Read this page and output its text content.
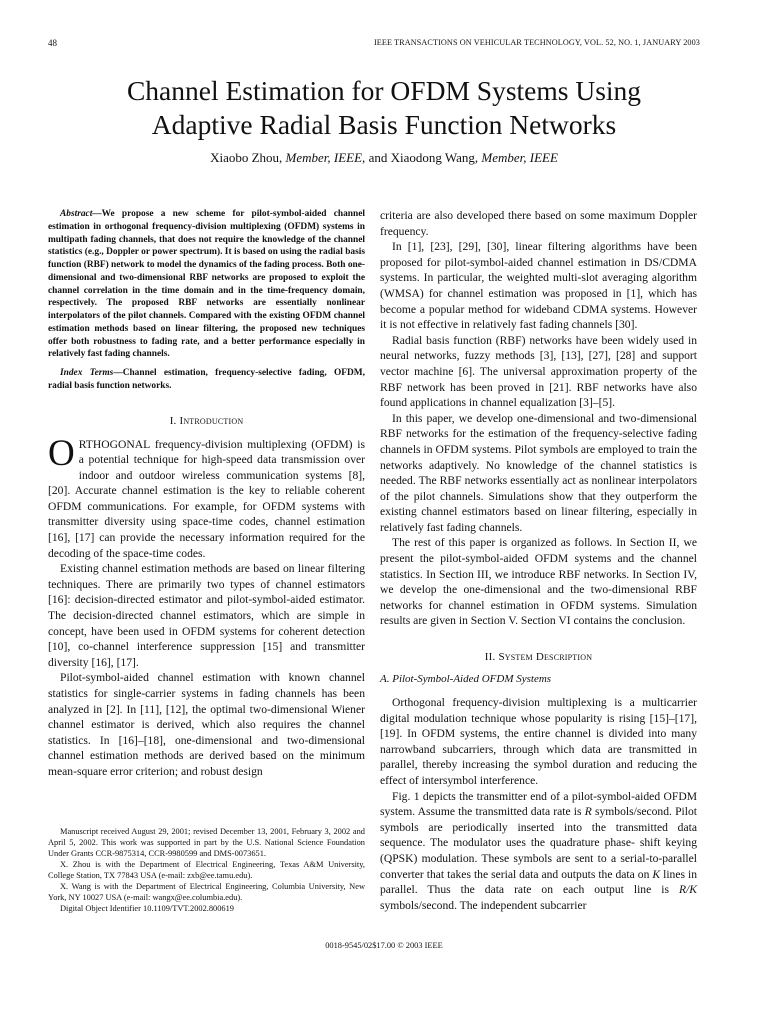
48	IEEE TRANSACTIONS ON VEHICULAR TECHNOLOGY, VOL. 52, NO. 1, JANUARY 2003
Channel Estimation for OFDM Systems Using
Adaptive Radial Basis Function Networks
Xiaobo Zhou, Member, IEEE, and Xiaodong Wang, Member, IEEE

Abstract—We propose a new scheme for pilot-symbol-aided channel estimation in orthogonal frequency-division multiplexing (OFDM) systems in multipath fading channels, that does not require the knowledge of the channel statistics (e.g., Doppler or power spectrum). It is based on using the radial basis function (RBF) network to model the dynamics of the fading process. Both one-dimensional and two-dimensional RBF networks are proposed to exploit the channel correlation in the time domain and in the time-frequency domain, respectively. The proposed RBF networks are essentially nonlinear interpolators of the pilot channels. Compared with the existing OFDM channel estimation methods based on linear filtering, the proposed new techniques offer both robustness to fading rate, and a better performance especially in relatively fast fading channels.

Index Terms—Channel estimation, frequency-selective fading, OFDM, radial basis function networks.

I. Introduction

ORTHOGONAL frequency-division multiplexing (OFDM) is a potential technique for high-speed data transmission over indoor and outdoor wireless communication systems [8], [20]. Accurate channel estimation is the key to reliable coherent OFDM communications. For example, for OFDM systems with transmitter diversity using space-time codes, channel estimation [16], [17] can provide the necessary information required for the decoding of the space-time codes.

Existing channel estimation methods are based on linear filtering techniques. There are primarily two types of channel estimators [16]: decision-directed estimator and pilot-symbol-aided estimator. The decision-directed channel estimators, which are simple in concept, have been used in OFDM systems for coherent detection [10], co-channel interference suppression [15] and transmitter diversity [16], [17].

Pilot-symbol-aided channel estimation with known channel statistics for single-carrier systems in fading channels has been analyzed in [2]. In [11], [12], the optimal two-dimensional Wiener channel estimator is derived, which also requires the channel statistics. In [16]–[18], one-dimensional and two-dimensional channel estimation methods are derived based on the minimum mean-square error criterion; and robust design

Manuscript received August 29, 2001; revised December 13, 2001, February 3, 2002 and April 5, 2002. This work was supported in part by the U.S. National Science Foundation Under Grants CCR-9875314, CCR-9980599 and DMS-0073651.

X. Zhou is with the Department of Electrical Engineering, Texas A&M University, College Station, TX 77843 USA (e-mail: zxb@ee.tamu.edu).

X. Wang is with the Department of Electrical Engineering, Columbia University, New York, NY 10027 USA (e-mail: wangx@ee.columbia.edu).

Digital Object Identifier 10.1109/TVT.2002.800619

criteria are also developed there based on some maximum Doppler frequency.

In [1], [23], [29], [30], linear filtering algorithms have been proposed for pilot-symbol-aided channel estimation in DS/CDMA systems. In particular, the weighted multi-slot averaging algorithm (WMSA) for channel estimation was proposed in [1], which has become a popular method for wideband CDMA systems. However it is not effective in relatively fast fading channels [30].

Radial basis function (RBF) networks have been widely used in neural networks, fuzzy methods [3], [13], [27], [28] and support vector machine [6]. The universal approximation property of the RBF network has been proved in [21]. RBF networks have also found applications in channel equalization [3]–[5].

In this paper, we develop one-dimensional and two-dimensional RBF networks for the estimation of the frequency-selective fading channels in OFDM systems. Pilot symbols are employed to train the networks adaptively. No knowledge of the channel statistics is needed. The RBF networks essentially act as nonlinear interpolators of the pilot channels. Simulations show that they outperform the existing channel estimators based on linear filtering, especially in relatively fast fading channels.

The rest of this paper is organized as follows. In Section II, we present the pilot-symbol-aided OFDM systems and the channel statistics. In Section III, we introduce RBF networks. In Section IV, we develop the one-dimensional and the two-dimensional RBF networks for channel estimation in OFDM systems. Simulation results are given in Section V. Section VI contains the conclusion.

II. System Description
A. Pilot-Symbol-Aided OFDM Systems

Orthogonal frequency-division multiplexing is a multicarrier digital modulation technique whose popularity is rising [15]–[17], [19]. In OFDM systems, the entire channel is divided into many narrowband subcarriers, through which data are transmitted in parallel, thereby increasing the symbol duration and reducing the effect of intersymbol interference.

Fig. 1 depicts the transmitter end of a pilot-symbol-aided OFDM system. Assume the transmitted data rate is R symbols/second. Pilot symbols are periodically inserted into the transmitted data sequence. The modulator uses the quadrature phase- shift keying (QPSK) modulation. These symbols are sent to a serial-to-parallel converter that takes the serial data and outputs the data on K lines in parallel. Thus the data rate on each output line is R/K symbols/second. The independent subcarrier

0018-9545/02$17.00 © 2003 IEEE
